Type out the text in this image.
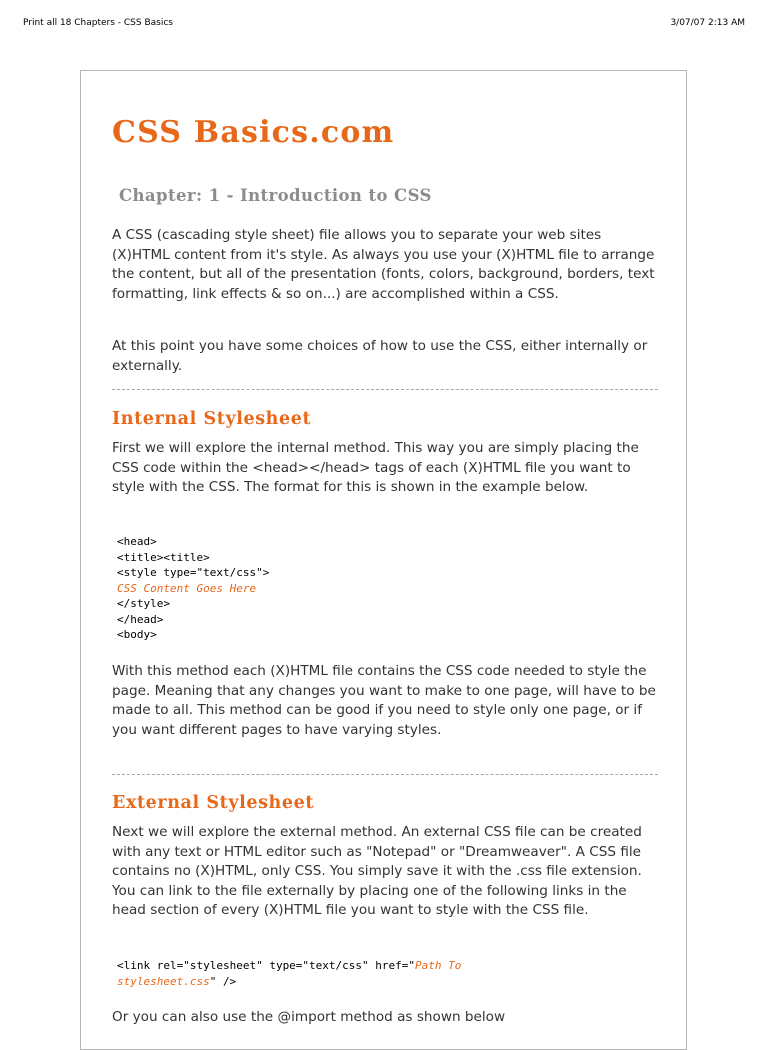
Print all 18 Chapters - CSS Basics	3/07/07 2:13 AM
CSS Basics.com
Chapter: 1 - Introduction to CSS

A CSS (cascading style sheet) file allows you to separate your web sites (X)HTML content from it's style. As always you use your (X)HTML file to arrange the content, but all of the presentation (fonts, colors, background, borders, text formatting, link effects & so on...) are accomplished within a CSS.

At this point you have some choices of how to use the CSS, either internally or externally.

Internal Stylesheet

First we will explore the internal method. This way you are simply placing the CSS code within the <head></head> tags of each (X)HTML file you want to style with the CSS. The format for this is shown in the example below.

<head>
<title><title>
<style type="text/css">
CSS Content Goes Here
</style>
</head>
<body>

With this method each (X)HTML file contains the CSS code needed to style the page. Meaning that any changes you want to make to one page, will have to be made to all. This method can be good if you need to style only one page, or if you want different pages to have varying styles.

External Stylesheet

Next we will explore the external method. An external CSS file can be created with any text or HTML editor such as "Notepad" or "Dreamweaver". A CSS file contains no (X)HTML, only CSS. You simply save it with the .css file extension. You can link to the file externally by placing one of the following links in the head section of every (X)HTML file you want to style with the CSS file.

<link rel="stylesheet" type="text/css" href="Path To
stylesheet.css" />

Or you can also use the @import method as shown below
